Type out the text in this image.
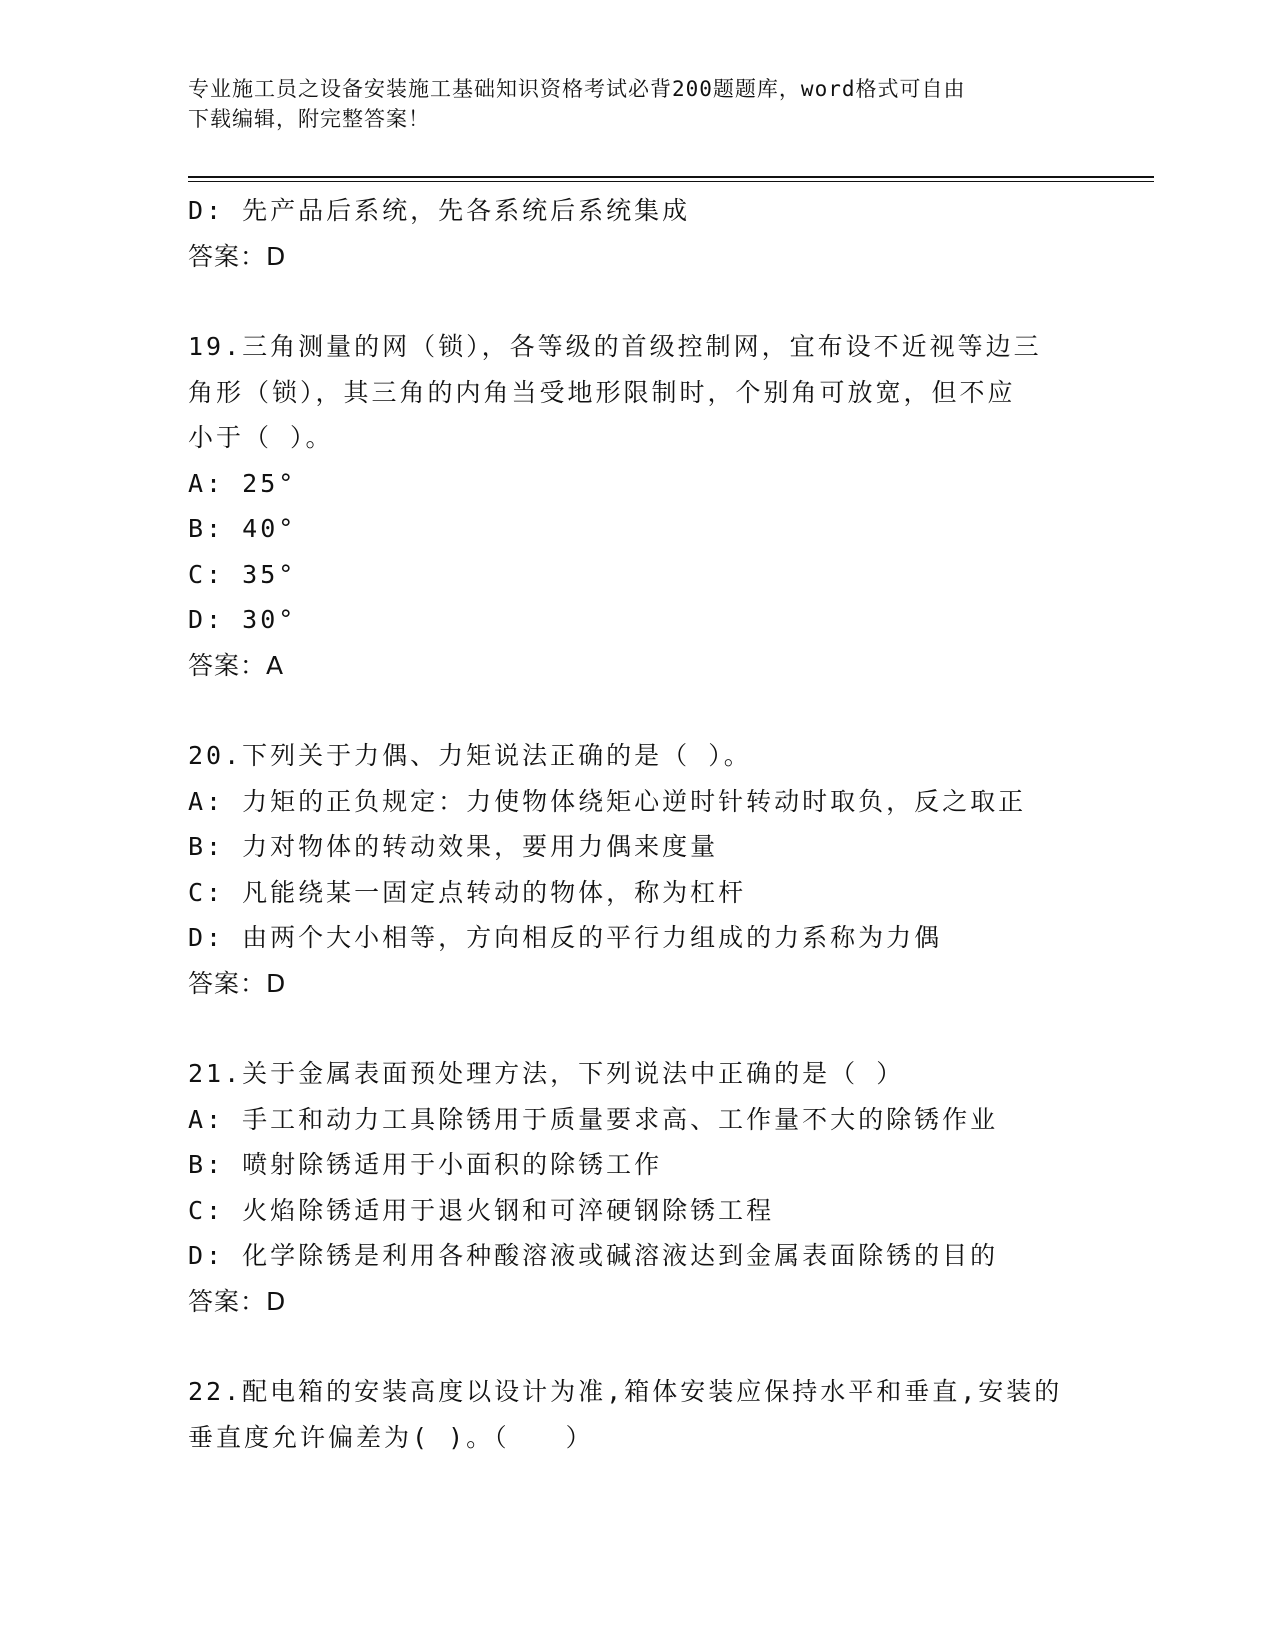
专业施工员之设备安装施工基础知识资格考试必背200题题库，word格式可自由
下载编辑，附完整答案！
D: 先产品后系统，先各系统后系统集成
答案：D
19.三角测量的网（锁），各等级的首级控制网，宜布设不近视等边三
角形（锁），其三角的内角当受地形限制时，个别角可放宽，但不应
小于（ ）。
A: 25°
B: 40°
C: 35°
D: 30°
答案：A
20.下列关于力偶、力矩说法正确的是（ ）。
A: 力矩的正负规定：力使物体绕矩心逆时针转动时取负，反之取正
B: 力对物体的转动效果，要用力偶来度量
C: 凡能绕某一固定点转动的物体，称为杠杆
D: 由两个大小相等，方向相反的平行力组成的力系称为力偶
答案：D
21.关于金属表面预处理方法，下列说法中正确的是（ ）
A: 手工和动力工具除锈用于质量要求高、工作量不大的除锈作业
B: 喷射除锈适用于小面积的除锈工作
C: 火焰除锈适用于退火钢和可淬硬钢除锈工程
D: 化学除锈是利用各种酸溶液或碱溶液达到金属表面除锈的目的
答案：D
22.配电箱的安装高度以设计为准,箱体安装应保持水平和垂直,安装的
垂直度允许偏差为( )。（　　）
